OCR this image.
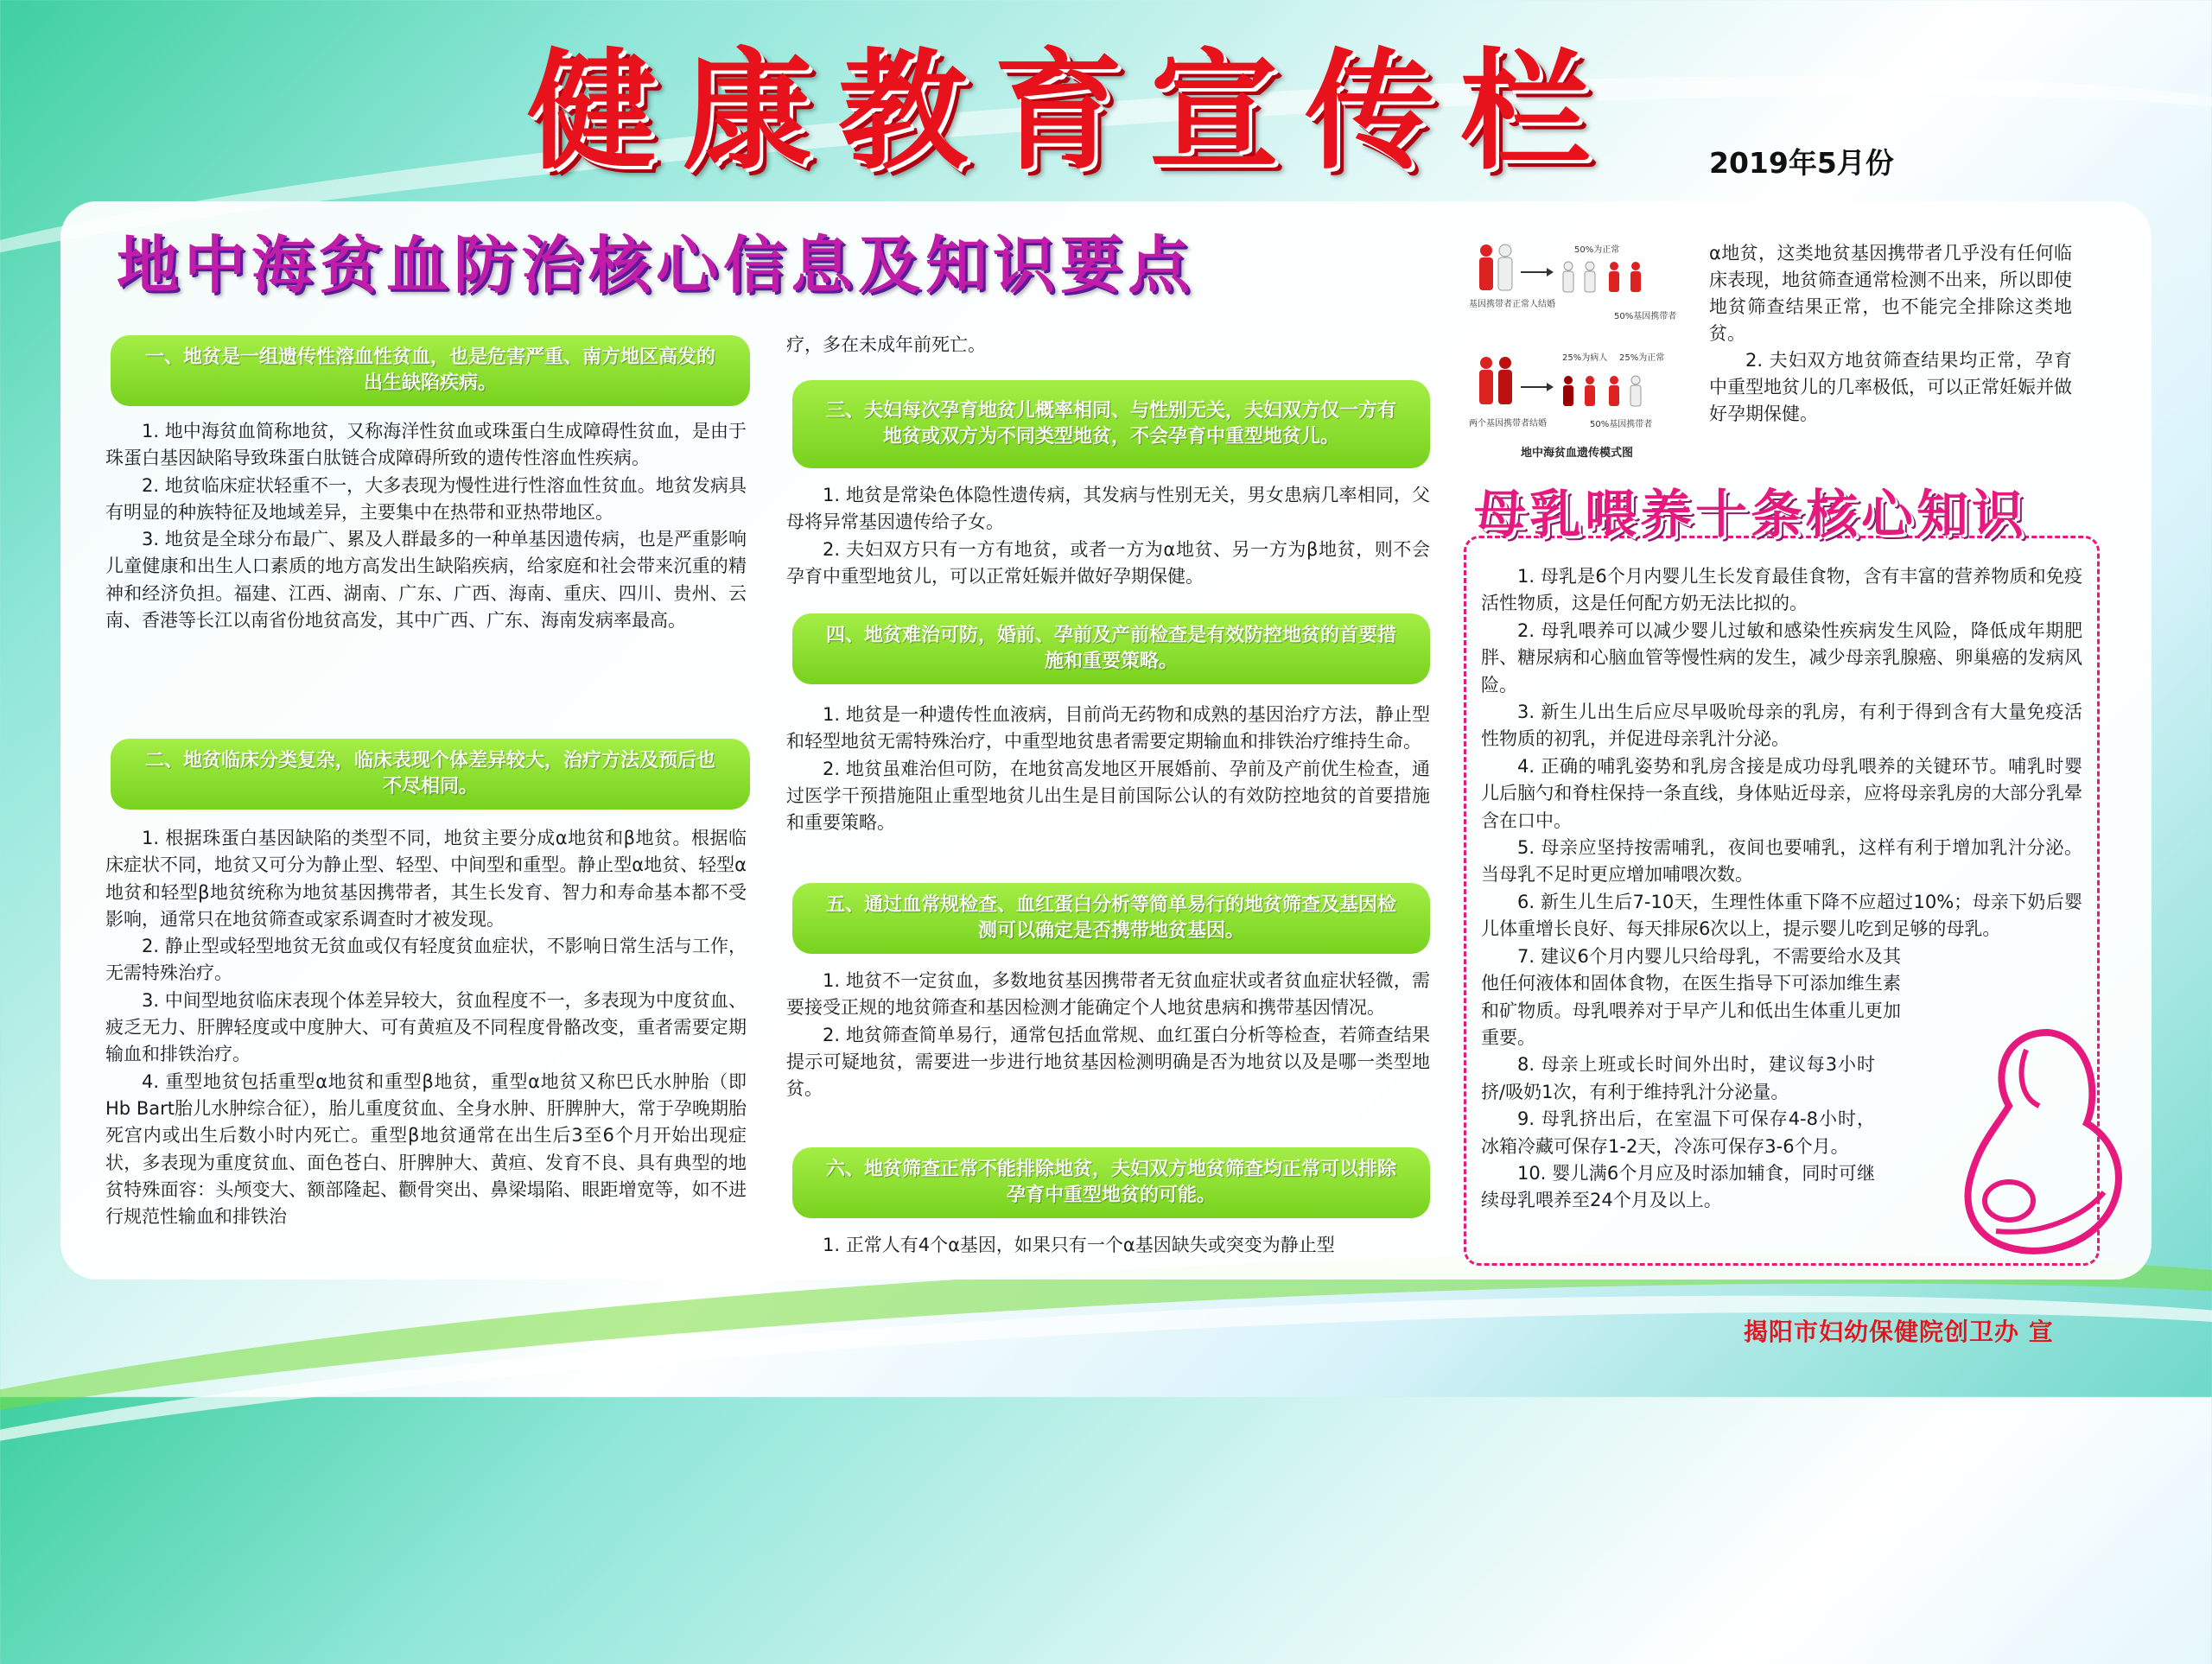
健康教育宣传栏	2019年5月份
地中海贫血防治核心信息及知识要点
一、地贫是一组遗传性溶血性贫血，也是危害严重、南方地区高发的出生缺陷疾病。

1. 地中海贫血简称地贫，又称海洋性贫血或珠蛋白生成障碍性贫血，是由于珠蛋白基因缺陷导致珠蛋白肽链合成障碍所致的遗传性溶血性疾病。

2. 地贫临床症状轻重不一，大多表现为慢性进行性溶血性贫血。地贫发病具有明显的种族特征及地域差异，主要集中在热带和亚热带地区。

3. 地贫是全球分布最广、累及人群最多的一种单基因遗传病，也是严重影响儿童健康和出生人口素质的地方高发出生缺陷疾病，给家庭和社会带来沉重的精神和经济负担。福建、江西、湖南、广东、广西、海南、重庆、四川、贵州、云南、香港等长江以南省份地贫高发，其中广西、广东、海南发病率最高。

二、地贫临床分类复杂，临床表现个体差异较大，治疗方法及预后也不尽相同。

1. 根据珠蛋白基因缺陷的类型不同，地贫主要分成α地贫和β地贫。根据临床症状不同，地贫又可分为静止型、轻型、中间型和重型。静止型α地贫、轻型α地贫和轻型β地贫统称为地贫基因携带者，其生长发育、智力和寿命基本都不受影响，通常只在地贫筛查或家系调查时才被发现。

2. 静止型或轻型地贫无贫血或仅有轻度贫血症状，不影响日常生活与工作，无需特殊治疗。

3. 中间型地贫临床表现个体差异较大，贫血程度不一，多表现为中度贫血、疲乏无力、肝脾轻度或中度肿大、可有黄疸及不同程度骨骼改变，重者需要定期输血和排铁治疗。

4. 重型地贫包括重型α地贫和重型β地贫，重型α地贫又称巴氏水肿胎（即Hb Bart胎儿水肿综合征），胎儿重度贫血、全身水肿、肝脾肿大，常于孕晚期胎死宫内或出生后数小时内死亡。重型β地贫通常在出生后3至6个月开始出现症状，多表现为重度贫血、面色苍白、肝脾肿大、黄疸、发育不良、具有典型的地贫特殊面容：头颅变大、额部隆起、颧骨突出、鼻梁塌陷、眼距增宽等，如不进行规范性输血和排铁治

疗，多在未成年前死亡。

三、夫妇每次孕育地贫儿概率相同、与性别无关，夫妇双方仅一方有地贫或双方为不同类型地贫，不会孕育中重型地贫儿。

1. 地贫是常染色体隐性遗传病，其发病与性别无关，男女患病几率相同，父母将异常基因遗传给子女。

2. 夫妇双方只有一方有地贫，或者一方为α地贫、另一方为β地贫，则不会孕育中重型地贫儿，可以正常妊娠并做好孕期保健。

四、地贫难治可防，婚前、孕前及产前检查是有效防控地贫的首要措施和重要策略。

1. 地贫是一种遗传性血液病，目前尚无药物和成熟的基因治疗方法，静止型和轻型地贫无需特殊治疗，中重型地贫患者需要定期输血和排铁治疗维持生命。

2. 地贫虽难治但可防，在地贫高发地区开展婚前、孕前及产前优生检查，通过医学干预措施阻止重型地贫儿出生是目前国际公认的有效防控地贫的首要措施和重要策略。

五、通过血常规检查、血红蛋白分析等简单易行的地贫筛查及基因检测可以确定是否携带地贫基因。

1. 地贫不一定贫血，多数地贫基因携带者无贫血症状或者贫血症状轻微，需要接受正规的地贫筛查和基因检测才能确定个人地贫患病和携带基因情况。

2. 地贫筛查简单易行，通常包括血常规、血红蛋白分析等检查，若筛查结果提示可疑地贫，需要进一步进行地贫基因检测明确是否为地贫以及是哪一类型地贫。

六、地贫筛查正常不能排除地贫，夫妇双方地贫筛查均正常可以排除孕育中重型地贫的可能。

1. 正常人有4个α基因，如果只有一个α基因缺失或突变为静止型

50%为正常
基因携带者正常人结婚
50%基因携带者
25%为病人 25%为正常
两个基因携带者结婚	50%基因携带者
地中海贫血遗传模式图

α地贫，这类地贫基因携带者几乎没有任何临床表现，地贫筛查通常检测不出来，所以即使地贫筛查结果正常，也不能完全排除这类地贫。

2. 夫妇双方地贫筛查结果均正常，孕育中重型地贫儿的几率极低，可以正常妊娠并做好孕期保健。

母乳喂养十条核心知识

1. 母乳是6个月内婴儿生长发育最佳食物，含有丰富的营养物质和免疫活性物质，这是任何配方奶无法比拟的。

2. 母乳喂养可以减少婴儿过敏和感染性疾病发生风险，降低成年期肥胖、糖尿病和心脑血管等慢性病的发生，减少母亲乳腺癌、卵巢癌的发病风险。

3. 新生儿出生后应尽早吸吮母亲的乳房，有利于得到含有大量免疫活性物质的初乳，并促进母亲乳汁分泌。

4. 正确的哺乳姿势和乳房含接是成功母乳喂养的关键环节。哺乳时婴儿后脑勺和脊柱保持一条直线，身体贴近母亲，应将母亲乳房的大部分乳晕含在口中。

5. 母亲应坚持按需哺乳，夜间也要哺乳，这样有利于增加乳汁分泌。当母乳不足时更应增加哺喂次数。

6. 新生儿生后7-10天，生理性体重下降不应超过10%；母亲下奶后婴儿体重增长良好、每天排尿6次以上，提示婴儿吃到足够的母乳。

7. 建议6个月内婴儿只给母乳，不需要给水及其他任何液体和固体食物，在医生指导下可添加维生素和矿物质。母乳喂养对于早产儿和低出生体重儿更加重要。

8. 母亲上班或长时间外出时，建议每3小时挤/吸奶1次，有利于维持乳汁分泌量。

9. 母乳挤出后，在室温下可保存4-8小时，冰箱冷藏可保存1-2天，冷冻可保存3-6个月。

10. 婴儿满6个月应及时添加辅食，同时可继续母乳喂养至24个月及以上。

揭阳市妇幼保健院创卫办 宣
